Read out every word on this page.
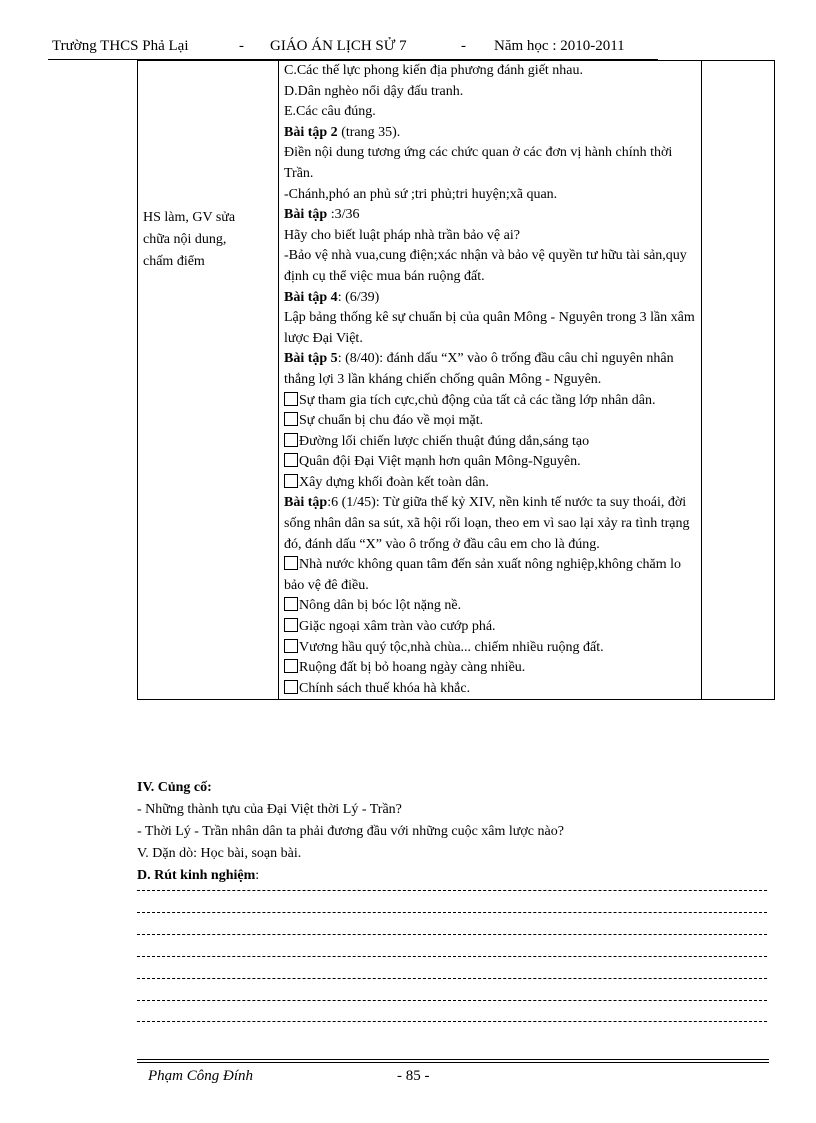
Trường THCS Phả Lại	- GIÁO ÁN LỊCH SỬ 7	- Năm học : 2010-2011
HS làm, GV sửa
chữa nội dung,
chấm điểm

C.Các thế lực phong kiến địa phương đánh giết nhau.
D.Dân nghèo nổi dậy đấu tranh.
E.Các câu đúng.
Bài tập 2 (trang 35).
Điền nội dung tương ứng các chức quan ở các đơn vị hành chính thời Trần.
-Chánh,phó an phủ sứ ;tri phủ;tri huyện;xã quan.
Bài tập :3/36
Hãy cho biết luật pháp nhà trần bảo vệ ai?
-Bảo vệ nhà vua,cung điện;xác nhận và bảo vệ quyền tư hữu tài sản,quy định cụ thể việc mua bán ruộng đất.
Bài tập 4: (6/39)
Lập bảng thống kê sự chuẩn bị của quân Mông - Nguyên trong 3 lần xâm lược Đại Việt.
Bài tập 5: (8/40): đánh dấu “X” vào ô trống đầu câu chỉ nguyên nhân thắng lợi 3 lần kháng chiến chống quân Mông - Nguyên.
Sự tham gia tích cực,chủ động của tất cả các tầng lớp nhân dân.
Sự chuẩn bị chu đáo về mọi mặt.
Đường lối chiến lược chiến thuật đúng dắn,sáng tạo
Quân đội Đại Việt mạnh hơn quân Mông-Nguyên.
Xây dựng khối đoàn kết toàn dân.
Bài tập:6 (1/45): Từ giữa thế kỷ XIV, nền kinh tế nước ta suy thoái, đời sống nhân dân sa sút, xã hội rối loạn, theo em vì sao lại xảy ra tình trạng đó, đánh dấu “X” vào ô trống ở đầu câu em cho là đúng.
Nhà nước không quan tâm đến sản xuất nông nghiệp,không chăm lo bảo vệ đê điều.
Nông dân bị bóc lột nặng nề.
Giặc ngoại xâm tràn vào cướp phá.
Vương hầu quý tộc,nhà chùa... chiếm nhiều ruộng đất.
Ruộng đất bị bỏ hoang ngày càng nhiều.
Chính sách thuế khóa hà khắc.

IV. Củng cố:
- Những thành tựu của Đại Việt thời Lý - Trần?
- Thời Lý - Trần nhân dân ta phải đương đầu với những cuộc xâm lược nào?
V. Dặn dò: Học bài, soạn bài.
D. Rút kinh nghiệm:
Phạm Công Đính	- 85 -
